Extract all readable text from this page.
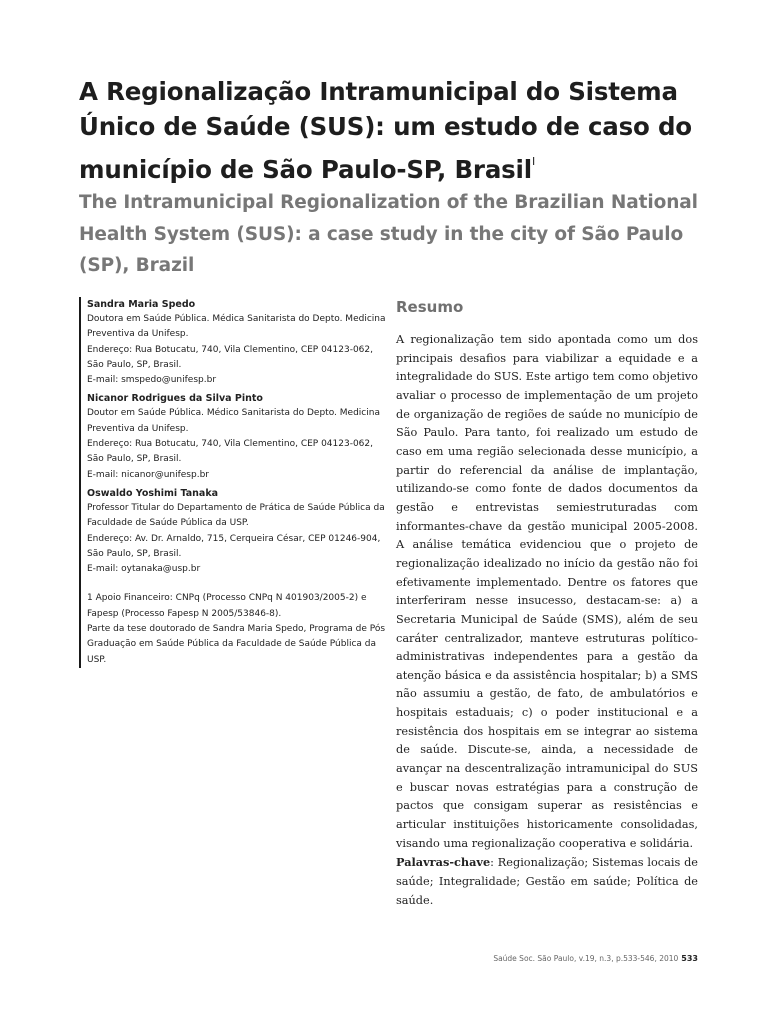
A Regionalização Intramunicipal do Sistema Único de Saúde (SUS): um estudo de caso do município de São Paulo-SP, Brasil$^I$
The Intramunicipal Regionalization of the Brazilian National Health System (SUS): a case study in the city of São Paulo (SP), Brazil
Sandra Maria Spedo
Doutora em Saúde Pública. Médica Sanitarista do Depto. Medicina Preventiva da Unifesp.
Endereço: Rua Botucatu, 740, Vila Clementino, CEP 04123-062, São Paulo, SP, Brasil.
E-mail: smspedo@unifesp.br
Nicanor Rodrigues da Silva Pinto
Doutor em Saúde Pública. Médico Sanitarista do Depto. Medicina Preventiva da Unifesp.
Endereço: Rua Botucatu, 740, Vila Clementino, CEP 04123-062, São Paulo, SP, Brasil.
E-mail: nicanor@unifesp.br
Oswaldo Yoshimi Tanaka
Professor Titular do Departamento de Prática de Saúde Pública da Faculdade de Saúde Pública da USP.
Endereço: Av. Dr. Arnaldo, 715, Cerqueira César, CEP 01246-904, São Paulo, SP, Brasil.
E-mail: oytanaka@usp.br
1 Apoio Financeiro: CNPq (Processo CNPq N 401903/2005-2) e Fapesp (Processo Fapesp N 2005/53846-8).
Parte da tese doutorado de Sandra Maria Spedo, Programa de Pós Graduação em Saúde Pública da Faculdade de Saúde Pública da USP.
Resumo

A regionalização tem sido apontada como um dos principais desafios para viabilizar a equidade e a integralidade do SUS. Este artigo tem como objetivo avaliar o processo de implementação de um projeto de organização de regiões de saúde no município de São Paulo. Para tanto, foi realizado um estudo de caso em uma região selecionada desse município, a partir do referencial da análise de implantação, utilizando-se como fonte de dados documentos da gestão e entrevistas semiestruturadas com informantes-chave da gestão municipal 2005-2008. A análise temática evidenciou que o projeto de regionalização idealizado no início da gestão não foi efetivamente implementado. Dentre os fatores que interferiram nesse insucesso, destacam-se: a) a Secretaria Municipal de Saúde (SMS), além de seu caráter centralizador, manteve estruturas político-administrativas independentes para a gestão da atenção básica e da assistência hospitalar; b) a SMS não assumiu a gestão, de fato, de ambulatórios e hospitais estaduais; c) o poder institucional e a resistência dos hospitais em se integrar ao sistema de saúde. Discute-se, ainda, a necessidade de avançar na descentralização intramunicipal do SUS e buscar novas estratégias para a construção de pactos que consigam superar as resistências e articular instituições historicamente consolidadas, visando uma regionalização cooperativa e solidária.

Palavras-chave: Regionalização; Sistemas locais de saúde; Integralidade; Gestão em saúde; Política de saúde.

Saúde Soc. São Paulo, v.19, n.3, p.533-546, 2010 533
